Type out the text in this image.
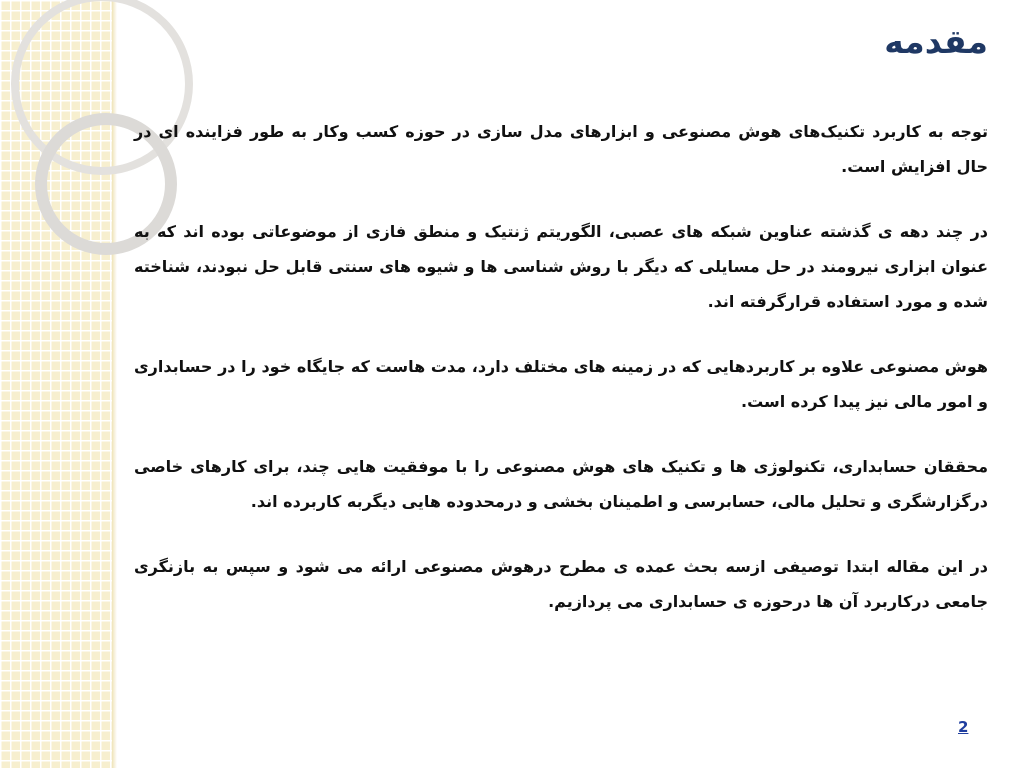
مقدمه

توجه به کاربرد تکنیک‌های هوش مصنوعی و ابزارهای مدل سازی در حوزه کسب وکار به طور فزاینده ای در حال افزایش است.

در چند دهه ی گذشته عناوین شبکه های عصبی، الگوریتم ژنتیک و منطق فازی از موضوعاتی بوده اند که به عنوان ابزاری نیرومند در حل مسایلی که دیگر با روش شناسی ها و شیوه های سنتی قابل حل نبودند، شناخته شده و مورد استفاده قرارگرفته اند.

هوش مصنوعی علاوه بر کاربردهایی که در زمینه های مختلف دارد، مدت هاست که جایگاه خود را در حسابداری و امور مالی نیز پیدا کرده است.

محققان حسابداری، تکنولوژی ها و تکنیک های هوش مصنوعی را با موفقیت هایی چند، برای کارهای خاصی درگزارشگری و تحلیل مالی، حسابرسی و اطمینان بخشی و درمحدوده هایی دیگربه کاربرده اند.

در این مقاله ابتدا توصیفی ازسه بحث عمده ی مطرح درهوش مصنوعی ارائه می شود و سپس به بازنگری جامعی درکاربرد آن ها درحوزه ی حسابداری می پردازیم.

2
